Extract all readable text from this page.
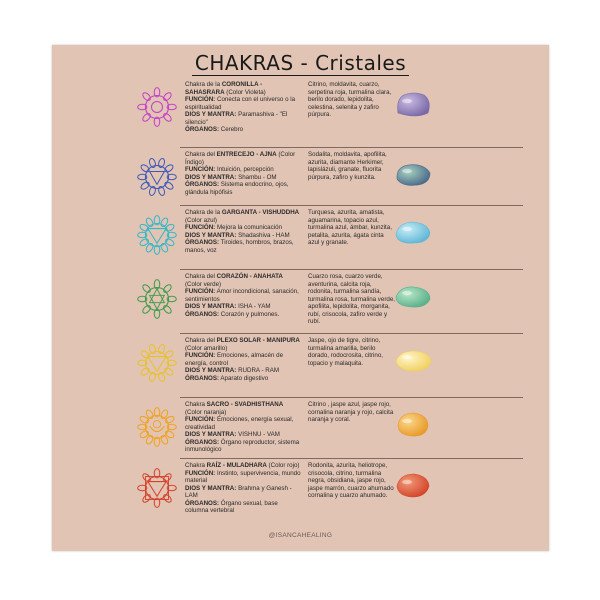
CHAKRAS - Cristales
Chakra de la CORONILLA - SAHASRARA (Color Violeta)
FUNCIÓN: Conecta con el universo o la espiritualidad
DIOS Y MANTRA: Paramashiva - "El silencio"
ÓRGANOS: Cerebro
Citrino, moldavita, cuarzo, serpetina roja, turmalina clara, berilo dorado, lepidolita, celestina, selenita y zafiro púrpura.
Chakra del ENTRECEJO - AJNA (Color Índigo)
FUNCIÓN: Intuición, percepción
DIOS Y MANTRA: Shambu - OM
ÓRGANOS: Sistema endocrino, ojos, glándula hipófisis
Sodalita, moldavita, apofilita, azurita, diamante Herkimer, lapislázuli, granate, fluorita púrpura, zafiro y kunzita.
Chakra de la GARGANTA - VISHUDDHA (Color azul)
FUNCIÓN: Mejora la comunicación
DIOS Y MANTRA: Shadashiva - HAM
ÓRGANOS: Tiroides, hombros, brazos, manos, voz
Turquesa, azurita, amatista, aguamarina, topacio azul, turmalina azul, ámbar, kunzita, petalita, azurita, ágata cinta azul y granate.
Chakra del CORAZÓN - ANAHATA (Color verde)
FUNCIÓN: Amor incondicional, sanación, sentimientos
DIOS Y MANTRA: ISHA - YAM
ÓRGANOS: Corazón y pulmones.
Cuarzo rosa, cuarzo verde, aventurina, calcita roja, rodonita, turmalina sandía, turmalina rosa, turmalina verde, apofilita, lepidolita, morganita, rubí, crisocola, zafiro verde y rubí.
Chakra del PLEXO SOLAR - MANIPURA (Color amarillo)
FUNCIÓN: Emociones, almacén de energía, control
DIOS Y MANTRA: RUDRA - RAM
ÓRGANOS: Aparato digestivo
Jaspe, ojo de tigre, citrino, turmalina amarilla, berilo dorado, rodocrosita, citrino, topacio y malaquita.
Chakra SACRO - SVADHISTHANA (Color naranja)
FUNCIÓN: Emociones, energía sexual, creatividad
DIOS Y MANTRA: VISHNU - VAM
ÓRGANOS: Órgano reproductor, sistema inmunológico
Citrino , jaspe azul, jaspe rojo, cornalina naranja y rojo, calcita naranja y coral.
Chakra RAÍZ - MULADHARA (Color rojo)
FUNCIÓN: Instinto, supervivencia, mundo material
DIOS Y MANTRA: Brahma y Ganesh - LAM
ÓRGANOS: Órgano sexual, base columna vertebral
Rodonita, azurita, heliotrope, crisocola, citrino, turmalina negra, obsidiana, jaspe rojo, jaspe marrón, cuarzo ahumado cornalina y cuarzo ahumado.
@ISANCAHEALING
